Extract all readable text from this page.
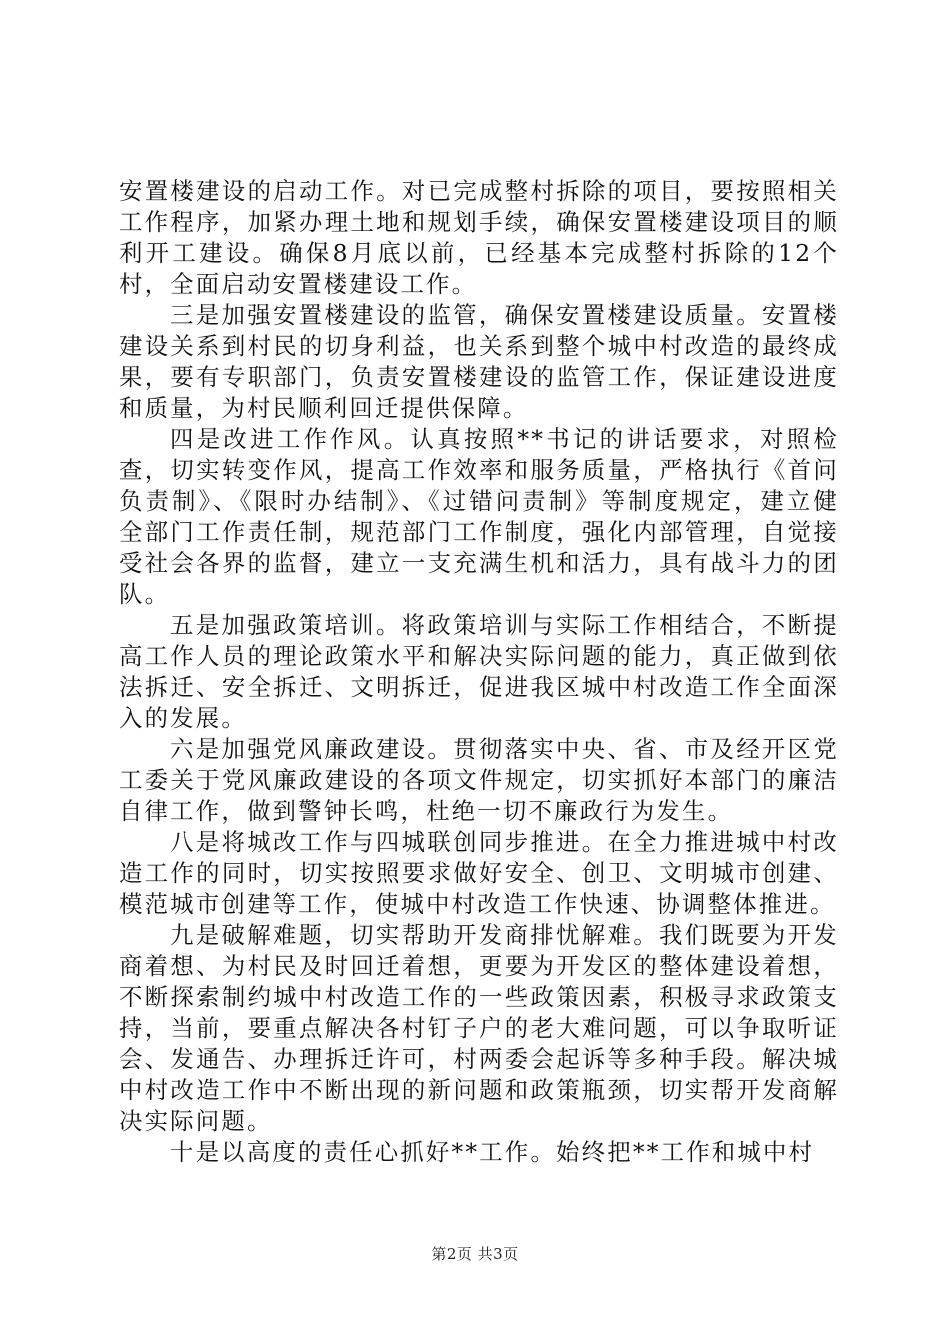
安置楼建设的启动工作。对已完成整村拆除的项目，要按照相关工作程序，加紧办理土地和规划手续，确保安置楼建设项目的顺利开工建设。确保8月底以前，已经基本完成整村拆除的12个村，全面启动安置楼建设工作。

三是加强安置楼建设的监管，确保安置楼建设质量。安置楼建设关系到村民的切身利益，也关系到整个城中村改造的最终成果，要有专职部门，负责安置楼建设的监管工作，保证建设进度和质量，为村民顺利回迁提供保障。

四是改进工作作风。认真按照**书记的讲话要求，对照检查，切实转变作风，提高工作效率和服务质量，严格执行《首问负责制》、《限时办结制》、《过错问责制》等制度规定，建立健全部门工作责任制，规范部门工作制度，强化内部管理，自觉接受社会各界的监督，建立一支充满生机和活力，具有战斗力的团队。

五是加强政策培训。将政策培训与实际工作相结合，不断提高工作人员的理论政策水平和解决实际问题的能力，真正做到依法拆迁、安全拆迁、文明拆迁，促进我区城中村改造工作全面深入的发展。

六是加强党风廉政建设。贯彻落实中央、省、市及经开区党工委关于党风廉政建设的各项文件规定，切实抓好本部门的廉洁自律工作，做到警钟长鸣，杜绝一切不廉政行为发生。

八是将城改工作与四城联创同步推进。在全力推进城中村改造工作的同时，切实按照要求做好安全、创卫、文明城市创建、模范城市创建等工作，使城中村改造工作快速、协调整体推进。

九是破解难题，切实帮助开发商排忧解难。我们既要为开发商着想、为村民及时回迁着想，更要为开发区的整体建设着想，不断探索制约城中村改造工作的一些政策因素，积极寻求政策支持，当前，要重点解决各村钉子户的老大难问题，可以争取听证会、发通告、办理拆迁许可，村两委会起诉等多种手段。解决城中村改造工作中不断出现的新问题和政策瓶颈，切实帮开发商解决实际问题。

十是以高度的责任心抓好**工作。始终把**工作和城中村

第2页 共3页
